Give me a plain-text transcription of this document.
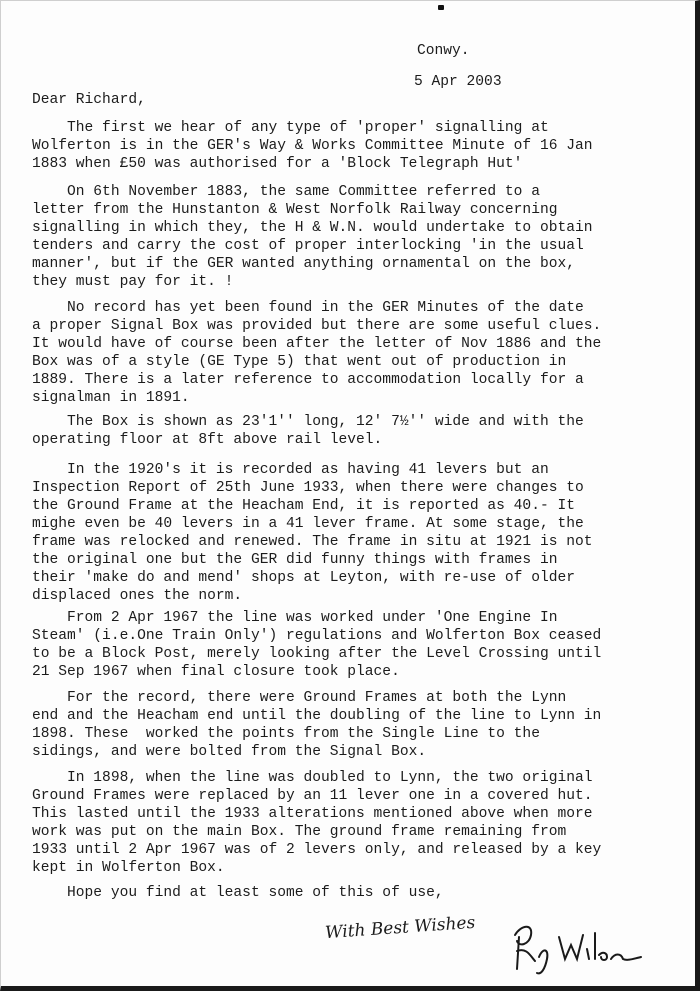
Conwy.
5 Apr 2003
Dear Richard,
The first we hear of any type of 'proper' signalling at
Wolferton is in the GER's Way & Works Committee Minute of 16 Jan
1883 when £50 was authorised for a 'Block Telegraph Hut'
On 6th November 1883, the same Committee referred to a
letter from the Hunstanton & West Norfolk Railway concerning
signalling in which they, the H & W.N. would undertake to obtain
tenders and carry the cost of proper interlocking 'in the usual
manner', but if the GER wanted anything ornamental on the box,
they must pay for it. !
No record has yet been found in the GER Minutes of the date
a proper Signal Box was provided but there are some useful clues.
It would have of course been after the letter of Nov 1886 and the
Box was of a style (GE Type 5) that went out of production in
1889. There is a later reference to accommodation locally for a
signalman in 1891.
The Box is shown as 23'1'' long, 12' 7½'' wide and with the
operating floor at 8ft above rail level.
In the 1920's it is recorded as having 41 levers but an
Inspection Report of 25th June 1933, when there were changes to
the Ground Frame at the Heacham End, it is reported as 40.- It
mighe even be 40 levers in a 41 lever frame. At some stage, the
frame was relocked and renewed. The frame in situ at 1921 is not
the original one but the GER did funny things with frames in
their 'make do and mend' shops at Leyton, with re-use of older
displaced ones the norm.
From 2 Apr 1967 the line was worked under 'One Engine In
Steam' (i.e.One Train Only') regulations and Wolferton Box ceased
to be a Block Post, merely looking after the Level Crossing until
21 Sep 1967 when final closure took place.
For the record, there were Ground Frames at both the Lynn
end and the Heacham end until the doubling of the line to Lynn in
1898. These  worked the points from the Single Line to the
sidings, and were bolted from the Signal Box.
In 1898, when the line was doubled to Lynn, the two original
Ground Frames were replaced by an 11 lever one in a covered hut.
This lasted until the 1933 alterations mentioned above when more
work was put on the main Box. The ground frame remaining from
1933 until 2 Apr 1967 was of 2 levers only, and released by a key
kept in Wolferton Box.
Hope you find at least some of this of use,
With Best Wishes
